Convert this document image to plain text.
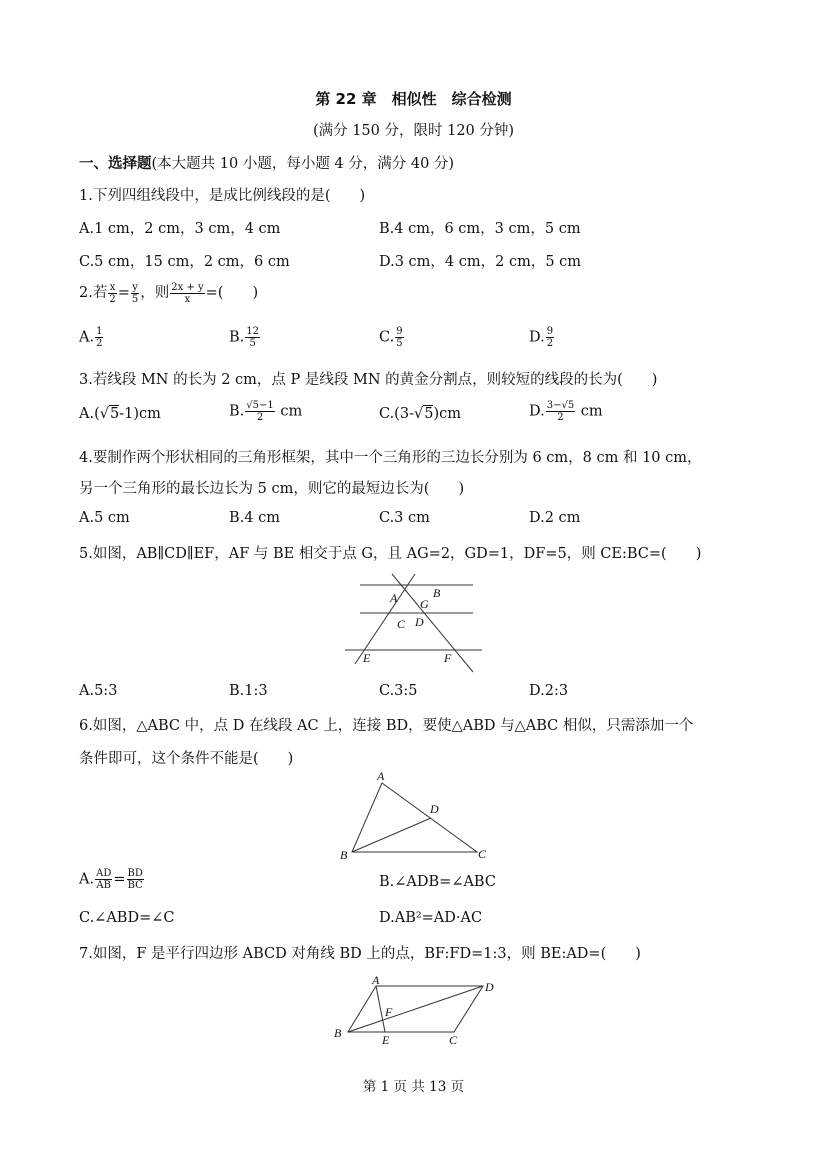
第 22 章　相似性　综合检测
(满分 150 分，限时 120 分钟)
一、选择题(本大题共 10 小题，每小题 4 分，满分 40 分)
1.下列四组线段中，是成比例线段的是(　　)
A.1 cm，2 cm，3 cm，4 cm	B.4 cm，6 cm，3 cm，5 cm
C.5 cm，15 cm，2 cm，6 cm	D.3 cm，4 cm，2 cm，5 cm
2.若 $\frac{x}{2} = \frac{y}{5}$ ，则 $\frac{2x + y}{x}$ =(　　)
A. $\frac{1}{2}$	B. $\frac{12}{5}$	C. $\frac{9}{5}$	D. $\frac{9}{2}$
3.若线段 MN 的长为 2 cm，点 P 是线段 MN 的黄金分割点，则较短的线段的长为(　　)
A.(√5-1)cm	B. $\frac{√5-1}{2}$ cm	C.(3-√5)cm	D. $\frac{3-√5}{2}$ cm
4.要制作两个形状相同的三角形框架，其中一个三角形的三边长分别为 6 cm，8 cm 和 10 cm，
另一个三角形的最长边长为 5 cm，则它的最短边长为(　　)
A.5 cm	B.4 cm	C.3 cm	D.2 cm
5.如图，AB∥CD∥EF，AF 与 BE 相交于点 G，且 AG=2，GD=1，DF=5，则 CE:BC=(　　)
A	B
G
C D
E	F
A.5:3	B.1:3	C.3:5	D.2:3
6.如图，△ABC 中，点 D 在线段 AC 上，连接 BD，要使△ABD 与△ABC 相似，只需添加一个
条件即可，这个条件不能是(　　)
A
D
B	C
A. $\frac{AD}{AB} = \frac{BD}{BC}$	B.∠ADB=∠ABC
C.∠ABD=∠C	D.AB²=AD·AC
7.如图，F 是平行四边形 ABCD 对角线 BD 上的点，BF:FD=1:3，则 BE:AD=(　　)
A	D
F
B	E	C
第 1 页 共 13 页
